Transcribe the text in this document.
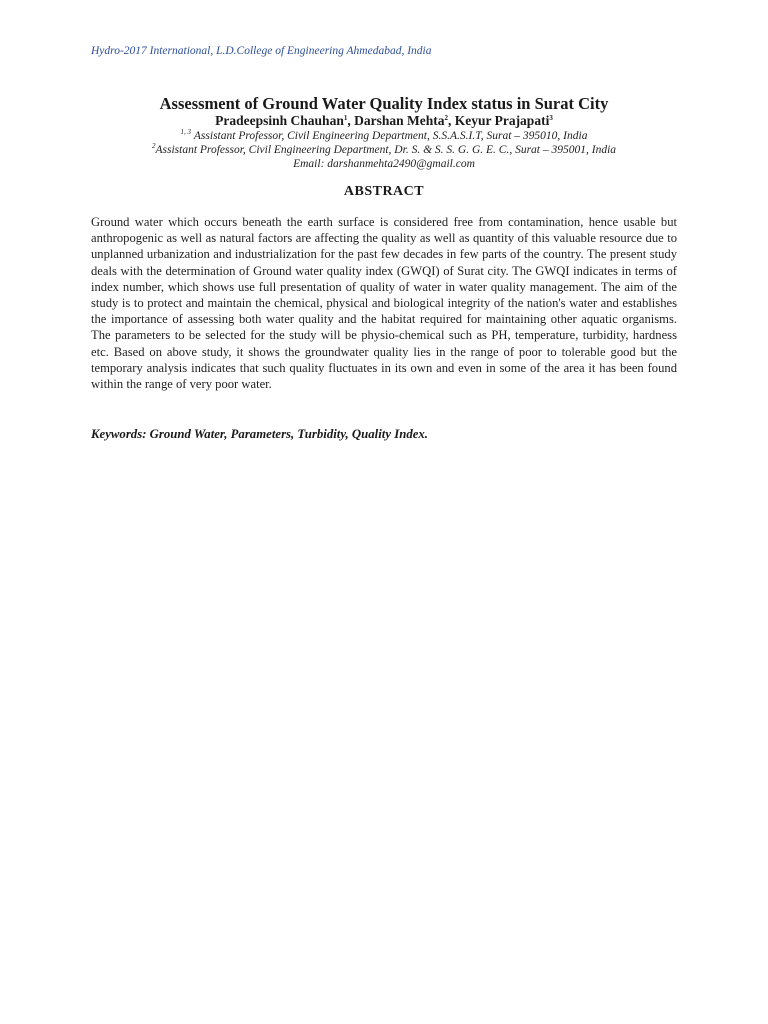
Hydro-2017 International, L.D.College of Engineering Ahmedabad, India
Assessment of Ground Water Quality Index status in Surat City
Pradeepsinh Chauhan$^1$, Darshan Mehta$^2$, Keyur Prajapati$^3$
$^{1, 3}$ Assistant Professor, Civil Engineering Department, S.S.A.S.I.T, Surat – 395010, India
$^2$Assistant Professor, Civil Engineering Department, Dr. S. & S. S. G. G. E. C., Surat – 395001, India
Email: darshanmehta2490@gmail.com
ABSTRACT

Ground water which occurs beneath the earth surface is considered free from contamination, hence usable but anthropogenic as well as natural factors are affecting the quality as well as quantity of this valuable resource due to unplanned urbanization and industrialization for the past few decades in few parts of the country. The present study deals with the determination of Ground water quality index (GWQI) of Surat city. The GWQI indicates in terms of index number, which shows use full presentation of quality of water in water quality management. The aim of the study is to protect and maintain the chemical, physical and biological integrity of the nation's water and establishes the importance of assessing both water quality and the habitat required for maintaining other aquatic organisms. The parameters to be selected for the study will be physio-chemical such as PH, temperature, turbidity, hardness etc. Based on above study, it shows the groundwater quality lies in the range of poor to tolerable good but the temporary analysis indicates that such quality fluctuates in its own and even in some of the area it has been found within the range of very poor water.

Keywords: Ground Water, Parameters, Turbidity, Quality Index.
